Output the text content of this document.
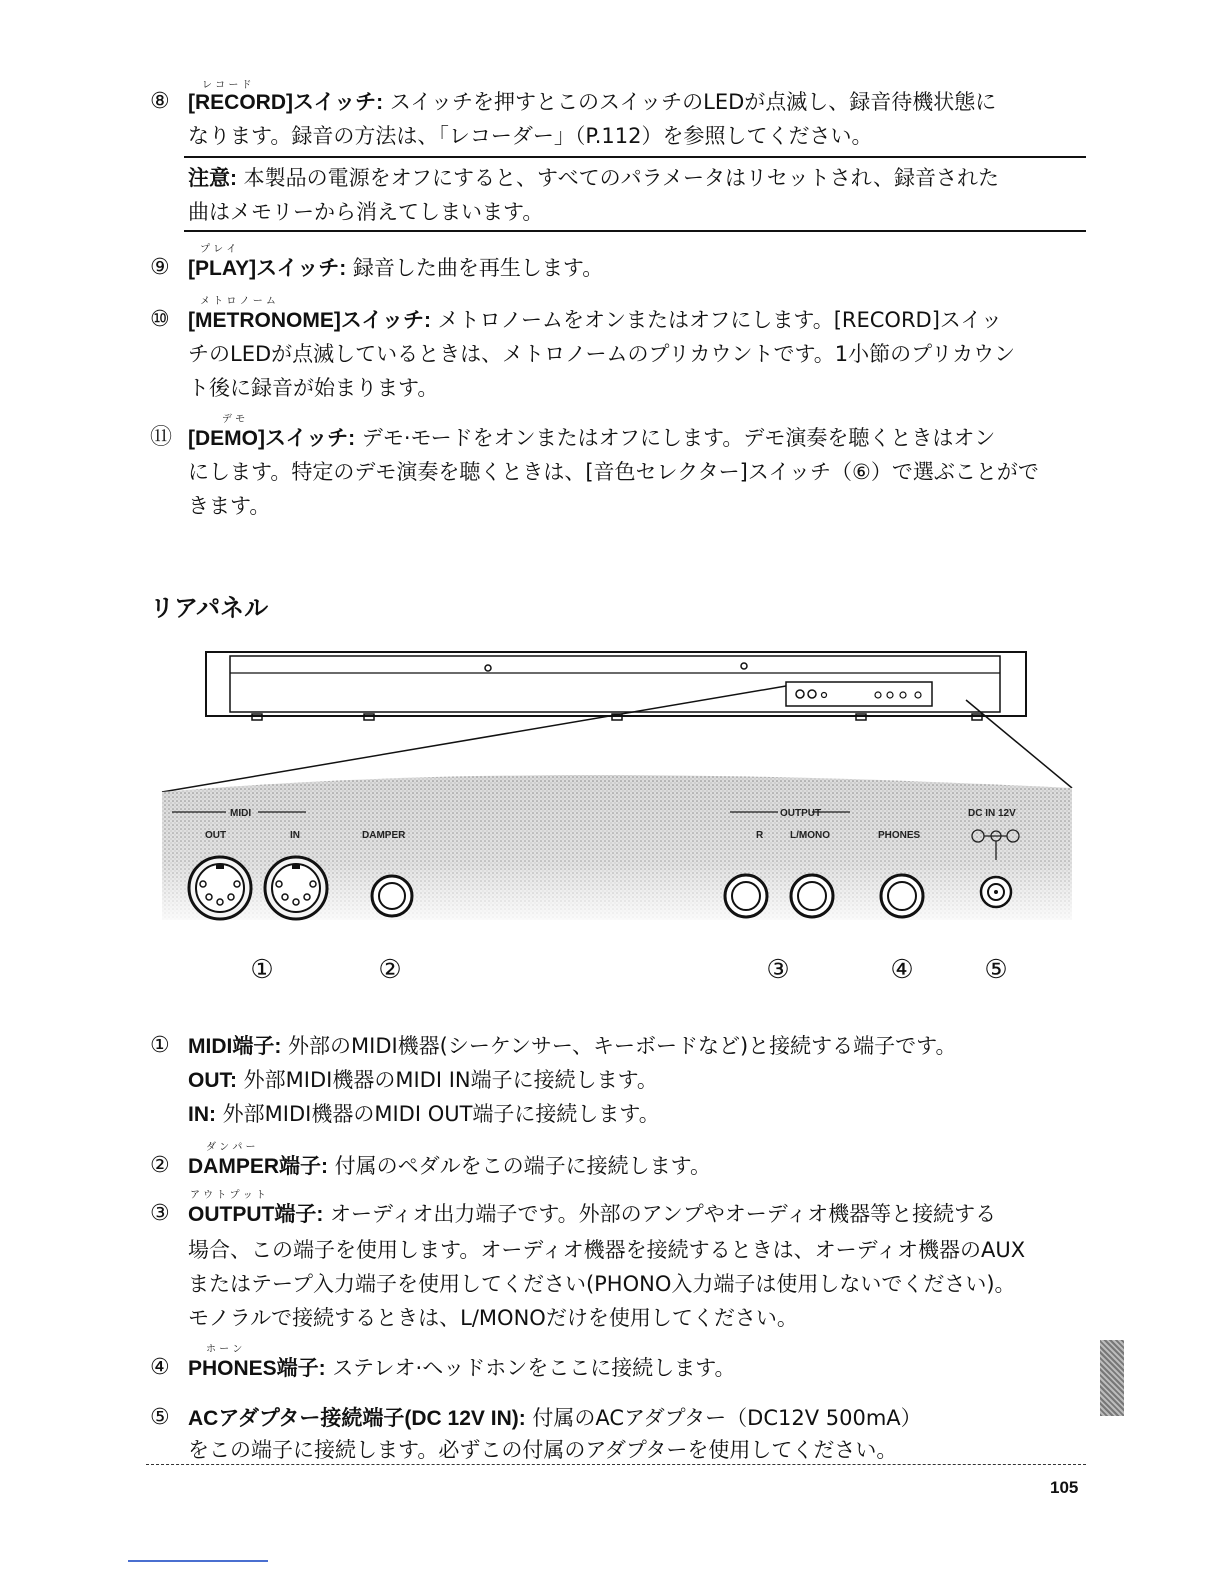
レ コ ー ド
⑧ [RECORD]スイッチ: スイッチを押すとこのスイッチのLEDが点滅し、録音待機状態に
なります。録音の方法は、「レコーダー」（P.112）を参照してください。
注意: 本製品の電源をオフにすると、すべてのパラメータはリセットされ、録音された
曲はメモリーから消えてしまいます。
プ レ イ
⑨ [PLAY]スイッチ: 録音した曲を再生します。
メ ト ロ ノ ー ム
⑩ [METRONOME]スイッチ: メトロノームをオンまたはオフにします。[RECORD]スイッ
チのLEDが点滅しているときは、メトロノームのプリカウントです。1小節のプリカウン
ト後に録音が始まります。
デ モ
⑪ [DEMO]スイッチ: デモ·モードをオンまたはオフにします。デモ演奏を聴くときはオン
にします。特定のデモ演奏を聴くときは、[音色セレクター]スイッチ（⑥）で選ぶことがで
きます。
リアパネル
MIDI
OUT	IN	DAMPER
OUTPUT
R	L/MONO	PHONES
DC IN 12V
①	②	③	④	⑤
① MIDI端子: 外部のMIDI機器(シーケンサー、キーボードなど)と接続する端子です。
OUT: 外部MIDI機器のMIDI IN端子に接続します。
IN: 外部MIDI機器のMIDI OUT端子に接続します。
ダ ン パ ー
② DAMPER端子: 付属のペダルをこの端子に接続します。
ア ウ ト プ ッ ト
③ OUTPUT端子: オーディオ出力端子です。外部のアンプやオーディオ機器等と接続する
場合、この端子を使用します。オーディオ機器を接続するときは、オーディオ機器のAUX
またはテープ入力端子を使用してください(PHONO入力端子は使用しないでください)。
モノラルで接続するときは、L/MONOだけを使用してください。
ホ ー ン
④ PHONES端子: ステレオ·ヘッドホンをここに接続します。
⑤ ACアダプター接続端子(DC 12V IN): 付属のACアダプター（DC12V 500mA）
をこの端子に接続します。必ずこの付属のアダプターを使用してください。
105
